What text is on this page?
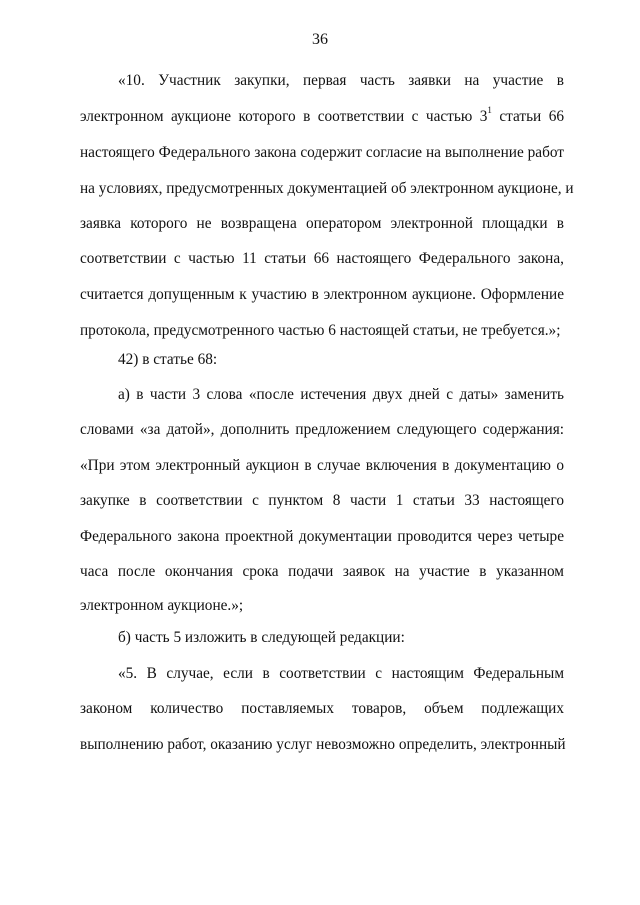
36
«10. Участник закупки, первая часть заявки на участие в
электронном аукционе которого в соответствии с частью $3^1$ статьи 66
настоящего Федерального закона содержит согласие на выполнение работ
на условиях, предусмотренных документацией об электронном аукционе, и
заявка которого не возвращена оператором электронной площадки в
соответствии с частью 11 статьи 66 настоящего Федерального закона,
считается допущенным к участию в электронном аукционе. Оформление
протокола, предусмотренного частью 6 настоящей статьи, не требуется.»;
42) в статье 68:
а) в части 3 слова «после истечения двух дней с даты» заменить
словами «за датой», дополнить предложением следующего содержания:
«При этом электронный аукцион в случае включения в документацию о
закупке в соответствии с пунктом 8 части 1 статьи 33 настоящего
Федерального закона проектной документации проводится через четыре
часа после окончания срока подачи заявок на участие в указанном
электронном аукционе.»;
б) часть 5 изложить в следующей редакции:
«5. В случае, если в соответствии с настоящим Федеральным
законом количество поставляемых товаров, объем подлежащих
выполнению работ, оказанию услуг невозможно определить, электронный
